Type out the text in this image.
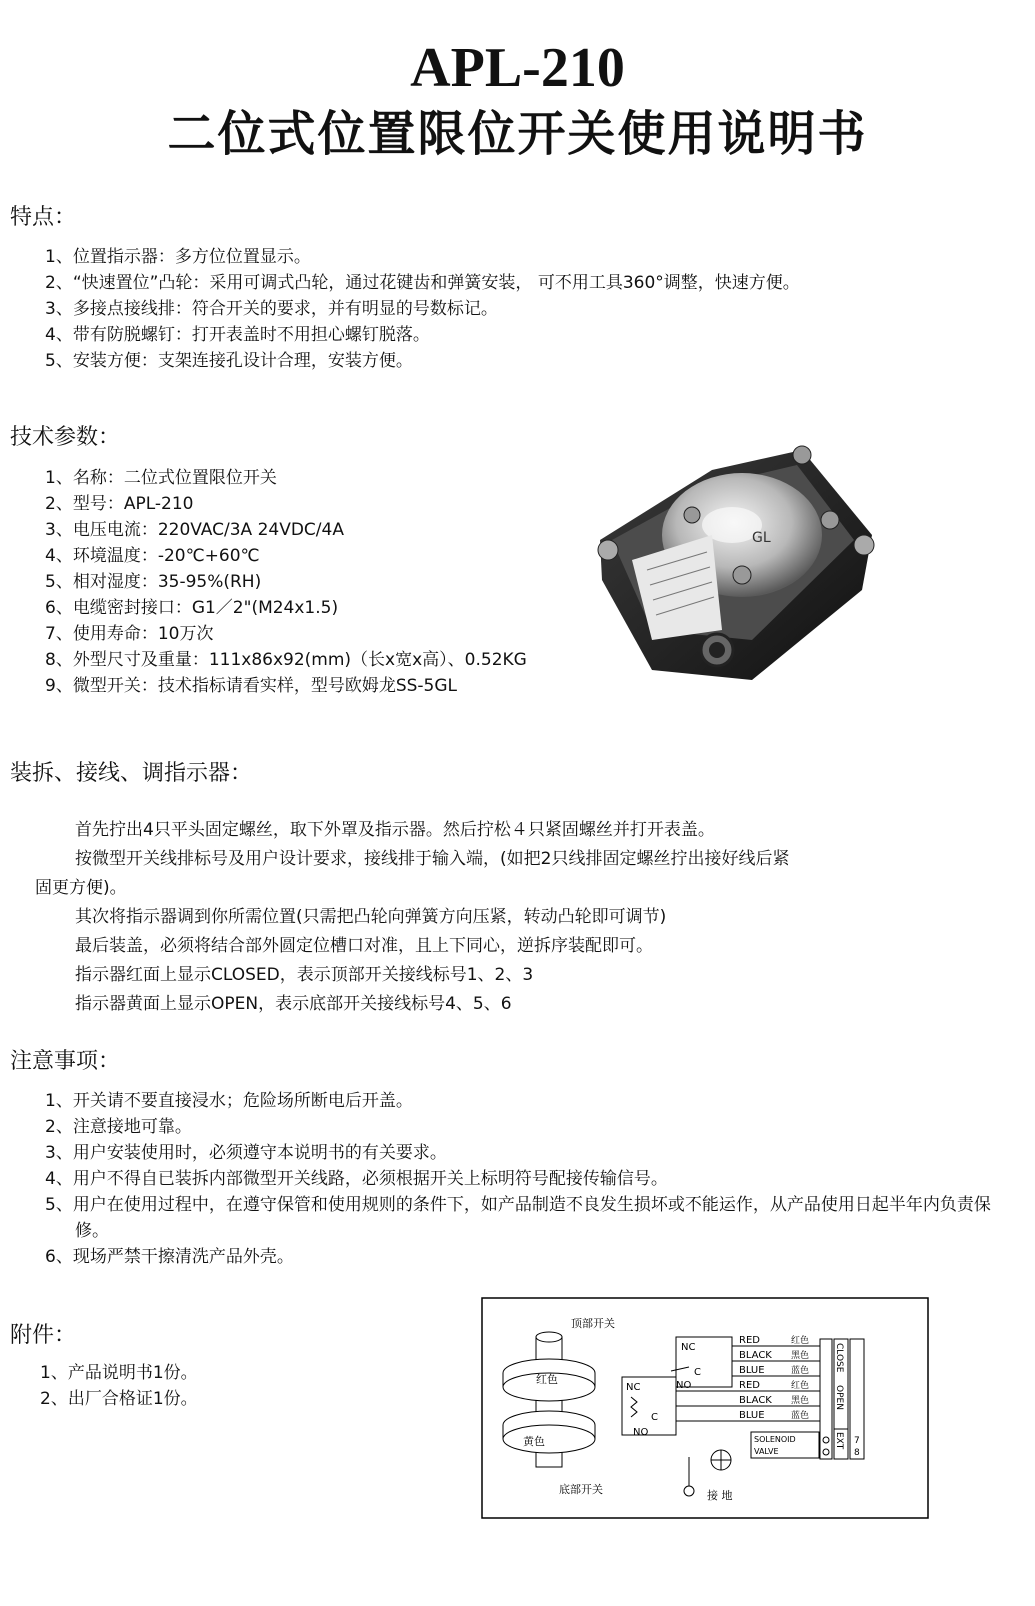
APL-210
二位式位置限位开关使用说明书
特点：
1、位置指示器：多方位位置显示。
2、“快速置位”凸轮：采用可调式凸轮，通过花键齿和弹簧安装， 可不用工具360°调整，快速方便。
3、多接点接线排：符合开关的要求，并有明显的号数标记。
4、带有防脱螺钉：打开表盖时不用担心螺钉脱落。
5、安装方便：支架连接孔设计合理，安装方便。
技术参数：
1、名称：二位式位置限位开关
2、型号：APL-210
3、电压电流：220VAC/3A 24VDC/4A
4、环境温度：-20℃+60℃
5、相对湿度：35-95%(RH)
6、电缆密封接口：G1／2"(M24x1.5)
7、使用寿命：10万次
8、外型尺寸及重量：111x86x92(mm)（长x宽x高）、0.52KG
9、微型开关：技术指标请看实样，型号欧姆龙SS-5GL
GL
装拆、接线、调指示器：
首先拧出4只平头固定螺丝，取下外罩及指示器。然后拧松４只紧固螺丝并打开表盖。
按微型开关线排标号及用户设计要求，接线排于输入端，(如把2只线排固定螺丝拧出接好线后紧
固更方便)。
其次将指示器调到你所需位置(只需把凸轮向弹簧方向压紧，转动凸轮即可调节)
最后装盖，必须将结合部外圆定位槽口对准，且上下同心，逆拆序装配即可。
指示器红面上显示CLOSED，表示顶部开关接线标号1、2、3
指示器黄面上显示OPEN，表示底部开关接线标号4、5、6
注意事项：
1、开关请不要直接浸水；危险场所断电后开盖。
2、注意接地可靠。
3、用户安装使用时，必须遵守本说明书的有关要求。
4、用户不得自已装拆内部微型开关线路，必须根据开关上标明符号配接传输信号。
5、用户在使用过程中，在遵守保管和使用规则的条件下，如产品制造不良发生损坏或不能运作，从产品使用日起半年内负责保修。
6、现场严禁干擦清洗产品外壳。
附件：
1、产品说明书1份。
2、出厂合格证1份。
顶部开关
红色
黄色
底部开关
NC
NO
C
NC
NO
C
RED	红色
BLACK 黑色
BLUE	蓝色
RED	红色
BLACK 黑色
BLUE	蓝色
CLOSE
OPEN
EXT
SOLENOID
VALVE
7
8
接 地
